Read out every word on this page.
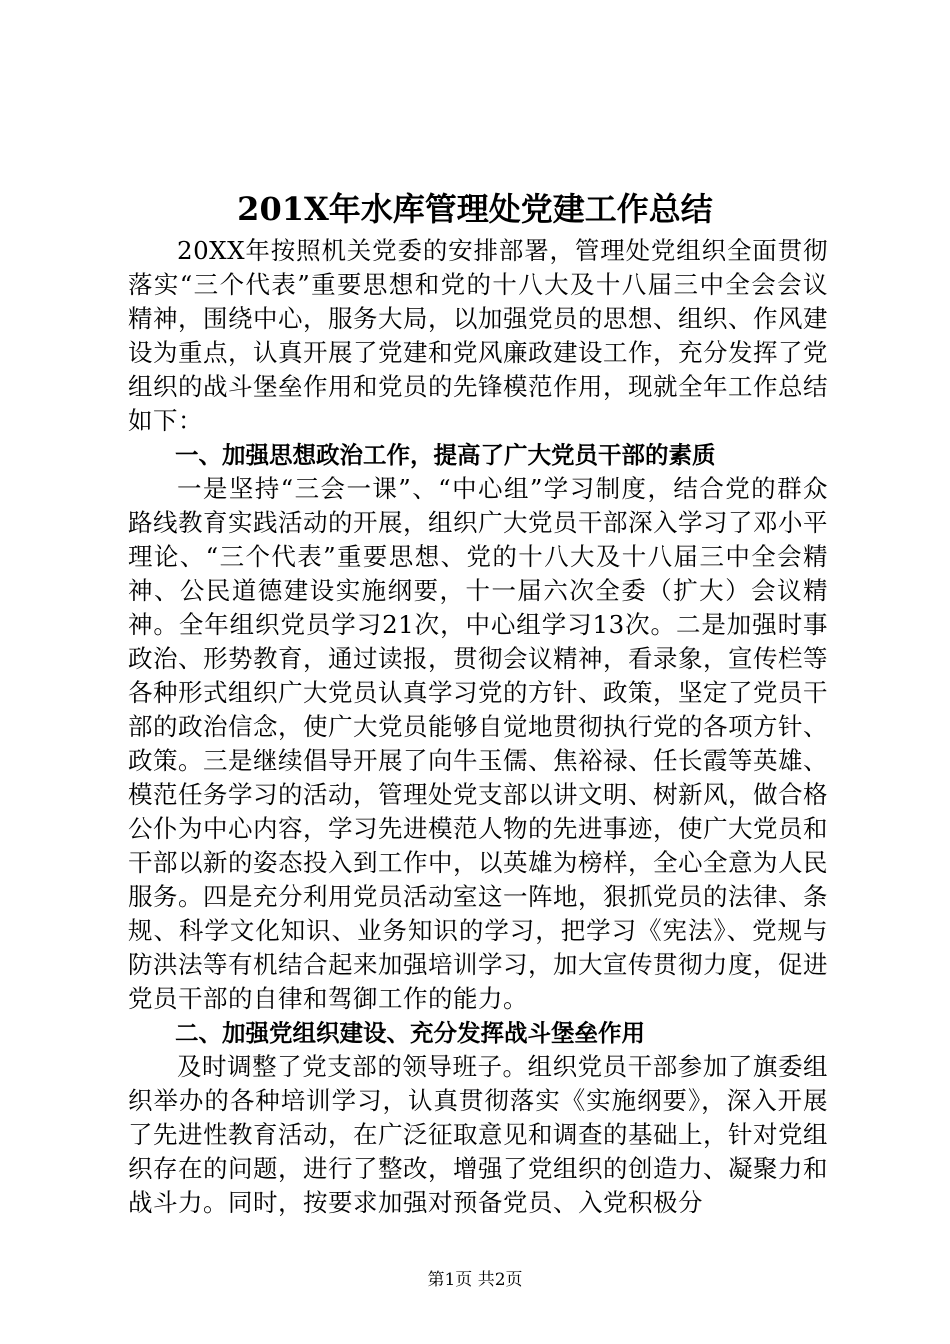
201X年水库管理处党建工作总结

20XX年按照机关党委的安排部署，管理处党组织全面贯彻落实“三个代表”重要思想和党的十八大及十八届三中全会会议精神，围绕中心，服务大局，以加强党员的思想、组织、作风建设为重点，认真开展了党建和党风廉政建设工作，充分发挥了党组织的战斗堡垒作用和党员的先锋模范作用，现就全年工作总结如下：

一、加强思想政治工作，提高了广大党员干部的素质

一是坚持“三会一课”、“中心组”学习制度，结合党的群众路线教育实践活动的开展，组织广大党员干部深入学习了邓小平理论、“三个代表”重要思想、党的十八大及十八届三中全会精神、公民道德建设实施纲要，十一届六次全委（扩大）会议精神。全年组织党员学习21次，中心组学习13次。二是加强时事政治、形势教育，通过读报，贯彻会议精神，看录象，宣传栏等各种形式组织广大党员认真学习党的方针、政策，坚定了党员干部的政治信念，使广大党员能够自觉地贯彻执行党的各项方针、政策。三是继续倡导开展了向牛玉儒、焦裕禄、任长霞等英雄、模范任务学习的活动，管理处党支部以讲文明、树新风，做合格公仆为中心内容，学习先进模范人物的先进事迹，使广大党员和干部以新的姿态投入到工作中，以英雄为榜样，全心全意为人民服务。四是充分利用党员活动室这一阵地，狠抓党员的法律、条规、科学文化知识、业务知识的学习，把学习《宪法》、党规与防洪法等有机结合起来加强培训学习，加大宣传贯彻力度，促进党员干部的自律和驾御工作的能力。

二、加强党组织建设、充分发挥战斗堡垒作用

及时调整了党支部的领导班子。组织党员干部参加了旗委组织举办的各种培训学习，认真贯彻落实《实施纲要》，深入开展了先进性教育活动，在广泛征取意见和调查的基础上，针对党组织存在的问题，进行了整改，增强了党组织的创造力、凝聚力和战斗力。同时，按要求加强对预备党员、入党积极分

第1页 共2页
